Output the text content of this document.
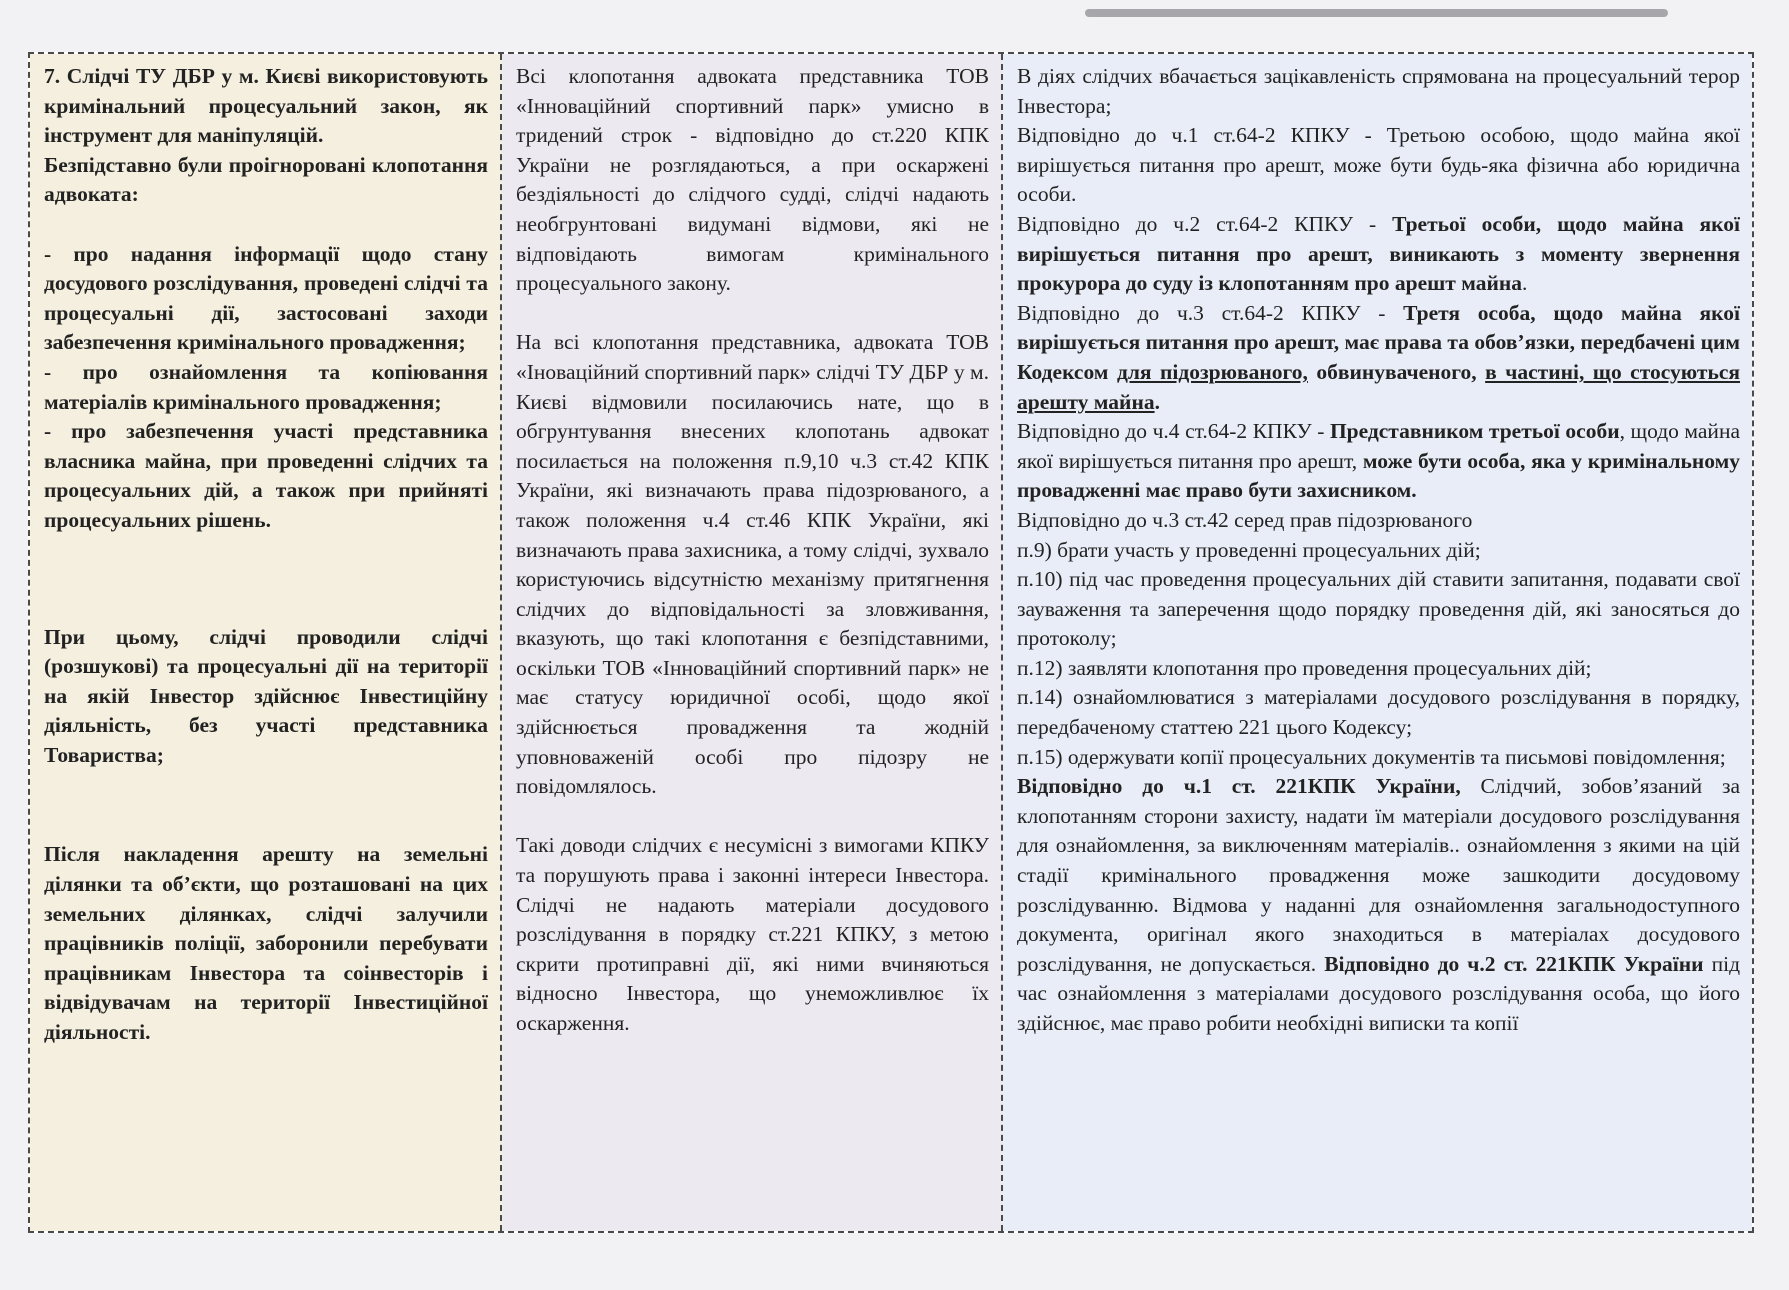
7. Слідчі ТУ ДБР у м. Києві використовують кримінальний процесуальний закон, як інструмент для маніпуляцій.

Безпідставно були проігноровані клопотання адвоката:

- про надання інформації щодо стану досудового розслідування, проведені слідчі та процесуальні дії, застосовані заходи забезпечення кримінального провадження;

- про ознайомлення та копіювання матеріалів кримінального провадження;

- про забезпечення участі представника власника майна, при проведенні слідчих та процесуальних дій, а також при прийняті процесуальних рішень.

При цьому, слідчі проводили слідчі (розшукові) та процесуальні дії на території на якій Інвестор здійснює Інвестиційну діяльність, без участі представника Товариства;

Після накладення арешту на земельні ділянки та об’єкти, що розташовані на цих земельних ділянках, слідчі залучили працівників поліції, заборонили перебувати працівникам Інвестора та соінвесторів і відвідувачам на території Інвестиційної діяльності.

Всі клопотання адвоката представника ТОВ «Інноваційний спортивний парк» умисно в тридений строк - відповідно до ст.220 КПК України не розглядаються, а при оскаржені бездіяльності до слідчого судді, слідчі надають необгрунтовані видумані відмови, які не відповідають вимогам кримінального процесуального закону.

На всі клопотання представника, адвоката ТОВ «Іноваційний спортивний парк» слідчі ТУ ДБР у м. Києві відмовили посилаючись нате, що в обгрунтування внесених клопотань адвокат посилається на положення п.9,10 ч.3 ст.42 КПК України, які визначають права підозрюваного, а також положення ч.4 ст.46 КПК України, які визначають права захисника, а тому слідчі, зухвало користуючись відсутністю механізму притягнення слідчих до відповідальності за зловживання, вказують, що такі клопотання є безпідставними, оскільки ТОВ «Інноваційний спортивний парк» не має статусу юридичної особі, щодо якої здійснюється провадження та жодній уповноваженій особі про підозру не повідомлялось.

Такі доводи слідчих є несумісні з вимогами КПКУ та порушують права і законні інтереси Інвестора. Слідчі не надають матеріали досудового розслідування в порядку ст.221 КПКУ, з метою скрити протиправні дії, які ними вчиняються відносно Інвестора, що унеможливлює їх оскарження.

В діях слідчих вбачається зацікавленість спрямована на процесуальний терор Інвестора;

Відповідно до ч.1 ст.64-2 КПКУ - Третьою особою, щодо майна якої вирішується питання про арешт, може бути будь-яка фізична або юридична особи.

Відповідно до ч.2 ст.64-2 КПКУ - Третьої особи, щодо майна якої вирішується питання про арешт, виникають з моменту звернення прокурора до суду із клопотанням про арешт майна.

Відповідно до ч.3 ст.64-2 КПКУ - Третя особа, щодо майна якої вирішується питання про арешт, має права та обов’язки, передбачені цим Кодексом для підозрюваного, обвинуваченого, в частині, що стосуються арешту майна.

Відповідно до ч.4 ст.64-2 КПКУ - Представником третьої особи, щодо майна якої вирішується питання про арешт, може бути особа, яка у кримінальному провадженні має право бути захисником.

Відповідно до ч.3 ст.42 серед прав підозрюваного

п.9) брати участь у проведенні процесуальних дій;

п.10) під час проведення процесуальних дій ставити запитання, подавати свої зауваження та заперечення щодо порядку проведення дій, які заносяться до протоколу;

п.12) заявляти клопотання про проведення процесуальних дій;

п.14) ознайомлюватися з матеріалами досудового розслідування в порядку, передбаченому статтею 221 цього Кодексу;

п.15) одержувати копії процесуальних документів та письмові повідомлення;

Відповідно до ч.1 ст. 221КПК України, Слідчий, зобов’язаний за клопотанням сторони захисту, надати їм матеріали досудового розслідування для ознайомлення, за виключенням матеріалів.. ознайомлення з якими на цій стадії кримінального провадження може зашкодити досудовому розслідуванню. Відмова у наданні для ознайомлення загальнодоступного документа, оригінал якого знаходиться в матеріалах досудового розслідування, не допускається. Відповідно до ч.2 ст. 221КПК України під час ознайомлення з матеріалами досудового розслідування особа, що його здійснює, має право робити необхідні виписки та копії
